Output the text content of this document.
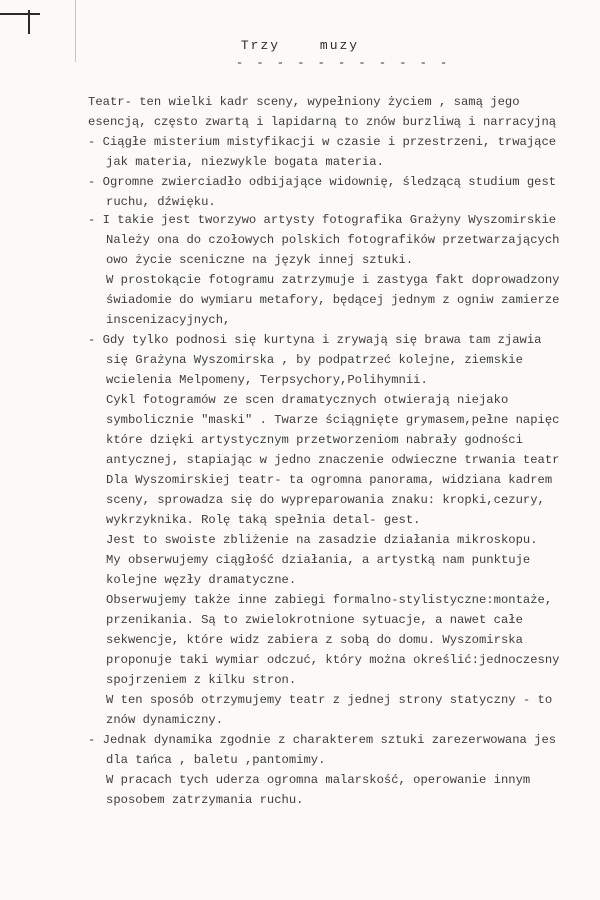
Trzy	muzy
- - - - - - - - - - -
Teatr- ten wielki kadr sceny, wypełniony życiem , samą jego
esencją, często zwartą i lapidarną to znów burzliwą i narracyjną
- Ciągłe misterium mistyfikacji w czasie i przestrzeni, trwające
jak materia, niezwykle bogata materia.
- Ogromne zwierciadło odbijające widownię, śledzącą studium gest
ruchu, dźwięku.
- I takie jest tworzywo artysty fotografika Grażyny Wyszomirskie
Należy ona do czołowych polskich fotografików przetwarzających
owo życie sceniczne na język innej sztuki.
W prostokącie fotogramu zatrzymuje i zastyga fakt doprowadzony
świadomie do wymiaru metafory, będącej jednym z ogniw zamierze
inscenizacyjnych,
- Gdy tylko podnosi się kurtyna i zrywają się brawa tam zjawia
się Grażyna Wyszomirska , by podpatrzeć kolejne, ziemskie
wcielenia Melpomeny, Terpsychory,Polihymnii.
Cykl fotogramów ze scen dramatycznych otwierają niejako
symbolicznie "maski" . Twarze ściągnięte grymasem,pełne napięc
które dzięki artystycznym przetworzeniom nabrały godności
antycznej, stapiając w jedno znaczenie odwieczne trwania teatr
Dla Wyszomirskiej teatr- ta ogromna panorama, widziana kadrem
sceny, sprowadza się do wypreparowania znaku: kropki,cezury,
wykrzyknika. Rolę taką spełnia detal- gest.
Jest to swoiste zbliżenie na zasadzie działania mikroskopu.
My obserwujemy ciągłość działania, a artystką nam punktuje
kolejne węzły dramatyczne.
Obserwujemy także inne zabiegi formalno-stylistyczne:montaże,
przenikania. Są to zwielokrotnione sytuacje, a nawet całe
sekwencje, które widz zabiera z sobą do domu. Wyszomirska
proponuje taki wymiar odczuć, który można określić:jednoczesny
spojrzeniem z kilku stron.
W ten sposób otrzymujemy teatr z jednej strony statyczny - to
znów dynamiczny.
- Jednak dynamika zgodnie z charakterem sztuki zarezerwowana jes
dla tańca , baletu ,pantomimy.
W pracach tych uderza ogromna malarskość, operowanie innym
sposobem zatrzymania ruchu.
